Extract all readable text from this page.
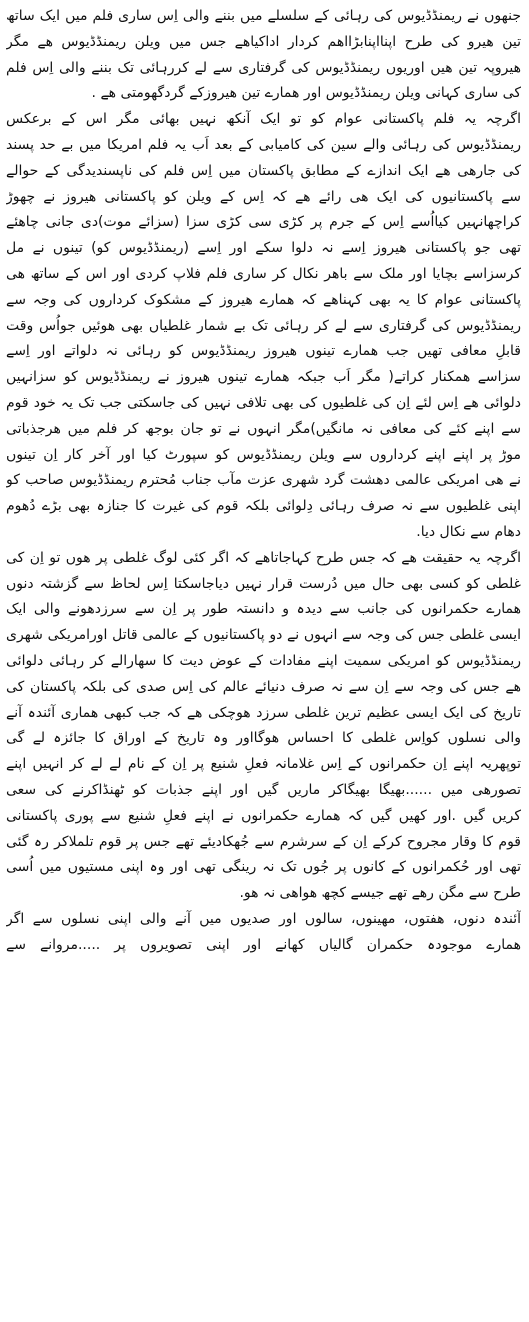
جنھوں نے ریمنڈڈیوس کی رہائی کے سلسلے میں بننے والی اِس ساری فلم میں ایک ساتھ
تین ھیرو کی طرح اپنااپنابڑااھم کردار اداکیاھے جس میں ویلن ریمنڈڈیوس ھے مگر
ھیروپہ تین ھیں اوریوں ریمنڈڈیوس کی گرفتاری سے لے کررہائی تک بننے والی اِس فلم
کی ساری کہانی ویلن ریمنڈڈیوس اور ھمارے تین ھیروزکے گردگھومتی ھے .
اگرچہ یہ فلم پاکستانی عوام کو تو ایک آنکھ نہیں بھائی مگر اس کے برعکس
ریمنڈڈیوس کی رہائی والے سین کی کامیابی کے بعد اَب یہ فلم امریکا میں بے حد پسند
کی جارھی ھے ایک اندازے کے مطابق پاکستان میں اِس فلم کی ناپسندیدگی کے حوالے
سے پاکستانیوں کی ایک ھی رائے ھے کہ اِس کے ویلن کو پاکستانی ھیروز نے چھوڑ
کراچھانہیں کیااُسے اِس کے جرم پر کڑی سی کڑی سزا (سزائے موت)دی جانی چاھئے
تھی جو پاکستانی ھیروز اِسے نہ دلوا سکے اور اِسے (ریمنڈڈیوس کو) تینوں نے مل
کرسزاسے بچایا اور ملک سے باھر نکال کر ساری فلم فلاپ کردی اور اس کے ساتھ ھی
پاکستانی عوام کا یہ بھی کہناھے کہ ھمارے ھیروز کے مشکوک کرداروں کی وجہ سے
ریمنڈڈیوس کی گرفتاری سے لے کر رہائی تک بے شمار غلطیاں بھی ھوئیں جواُس وقت
قابلِ معافی تھیں جب ھمارے تینوں ھیروز ریمنڈڈیوس کو رہائی نہ دلواتے اور اِسے
سزاسے ھمکنار کراتے( مگر اَب جبکہ ھمارے تینوں ھیروز نے ریمنڈڈیوس کو سزانہیں
دلوائی ھے اِس لئے اِن کی غلطیوں کی بھی تلافی نہیں کی جاسکتی جب تک یہ خود قوم
سے اپنے کئے کی معافی نہ مانگیں)مگر انہوں نے تو جان بوجھ کر فلم میں ھرجذباتی
موڑ پر اپنے اپنے کرداروں سے ویلن ریمنڈڈیوس کو سپورٹ کیا اور آخر کار اِن تینوں
نے ھی امریکی عالمی دھشت گرد شھری عزت مآب جناب مُحترم ریمنڈڈیوس صاحب کو
اپنی غلطیوں سے نہ صرف رہائی دِلوائی بلکہ قوم کی غیرت کا جنازہ بھی بڑے دُھوم
دھام سے نکال دیا.
اگرچہ یہ حقیقت ھے کہ جس طرح کہاجاتاھے کہ اگر کئی لوگ غلطی پر ھوں تو اِن کی
غلطی کو کسی بھی حال میں دُرست قرار نہیں دیاجاسکتا اِس لحاظ سے گزشتہ دنوں
ھمارے حکمرانوں کی جانب سے دیدہ و دانستہ طور پر اِن سے سرزدھونے والی ایک
ایسی غلطی جس کی وجہ سے انہوں نے دو پاکستانیوں کے عالمی قاتل اورامریکی شھری
ریمنڈڈیوس کو امریکی سمیت اپنے مفادات کے عوض دیت کا سھارالے کر رہائی دلوائی
ھے جس کی وجہ سے اِن سے نہ صرف دنیائے عالم کی اِس صدی کی بلکہ پاکستان کی
تاریخ کی ایک ایسی عظیم ترین غلطی سرزد ھوچکی ھے کہ جب کبھی ھماری آئندہ آنے
والی نسلوں کواِس غلطی کا احساس ھوگااور وہ تاریخ کے اوراق کا جائزہ لے گی
توپھریہ اپنے اِن حکمرانوں کے اِس غلامانہ فعلِ شنیع پر اِن کے نام لے لے کر انہیں اپنے
تصورھی میں ......بھیگا بھیگاکر ماریں گیں اور اپنے جذبات کو ٹھنڈاکرنے کی سعی
کریں گیں .اور کھیں گیں کہ ھمارے حکمرانوں نے اپنے فعلِ شنیع سے پوری پاکستانی
قوم کا وقار مجروح کرکے اِن کے سرشرم سے جُھکادیئے تھے جس پر قوم تلملاکر رہ گئی
تھی اور حُکمرانوں کے کانوں پر جُوں تک نہ رینگی تھی اور وہ اپنی مستیوں میں اُسی
طرح سے مگن رھے تھے جیسے کچھ ھواھی نہ ھو.
آئندہ دنوں، ھفتوں، مھینوں، سالوں اور صدیوں میں آنے والی اپنی نسلوں سے اگر
ھمارے موجودہ حکمران گالیاں کھانے اور اپنی تصویروں پر .....مروانے سے
